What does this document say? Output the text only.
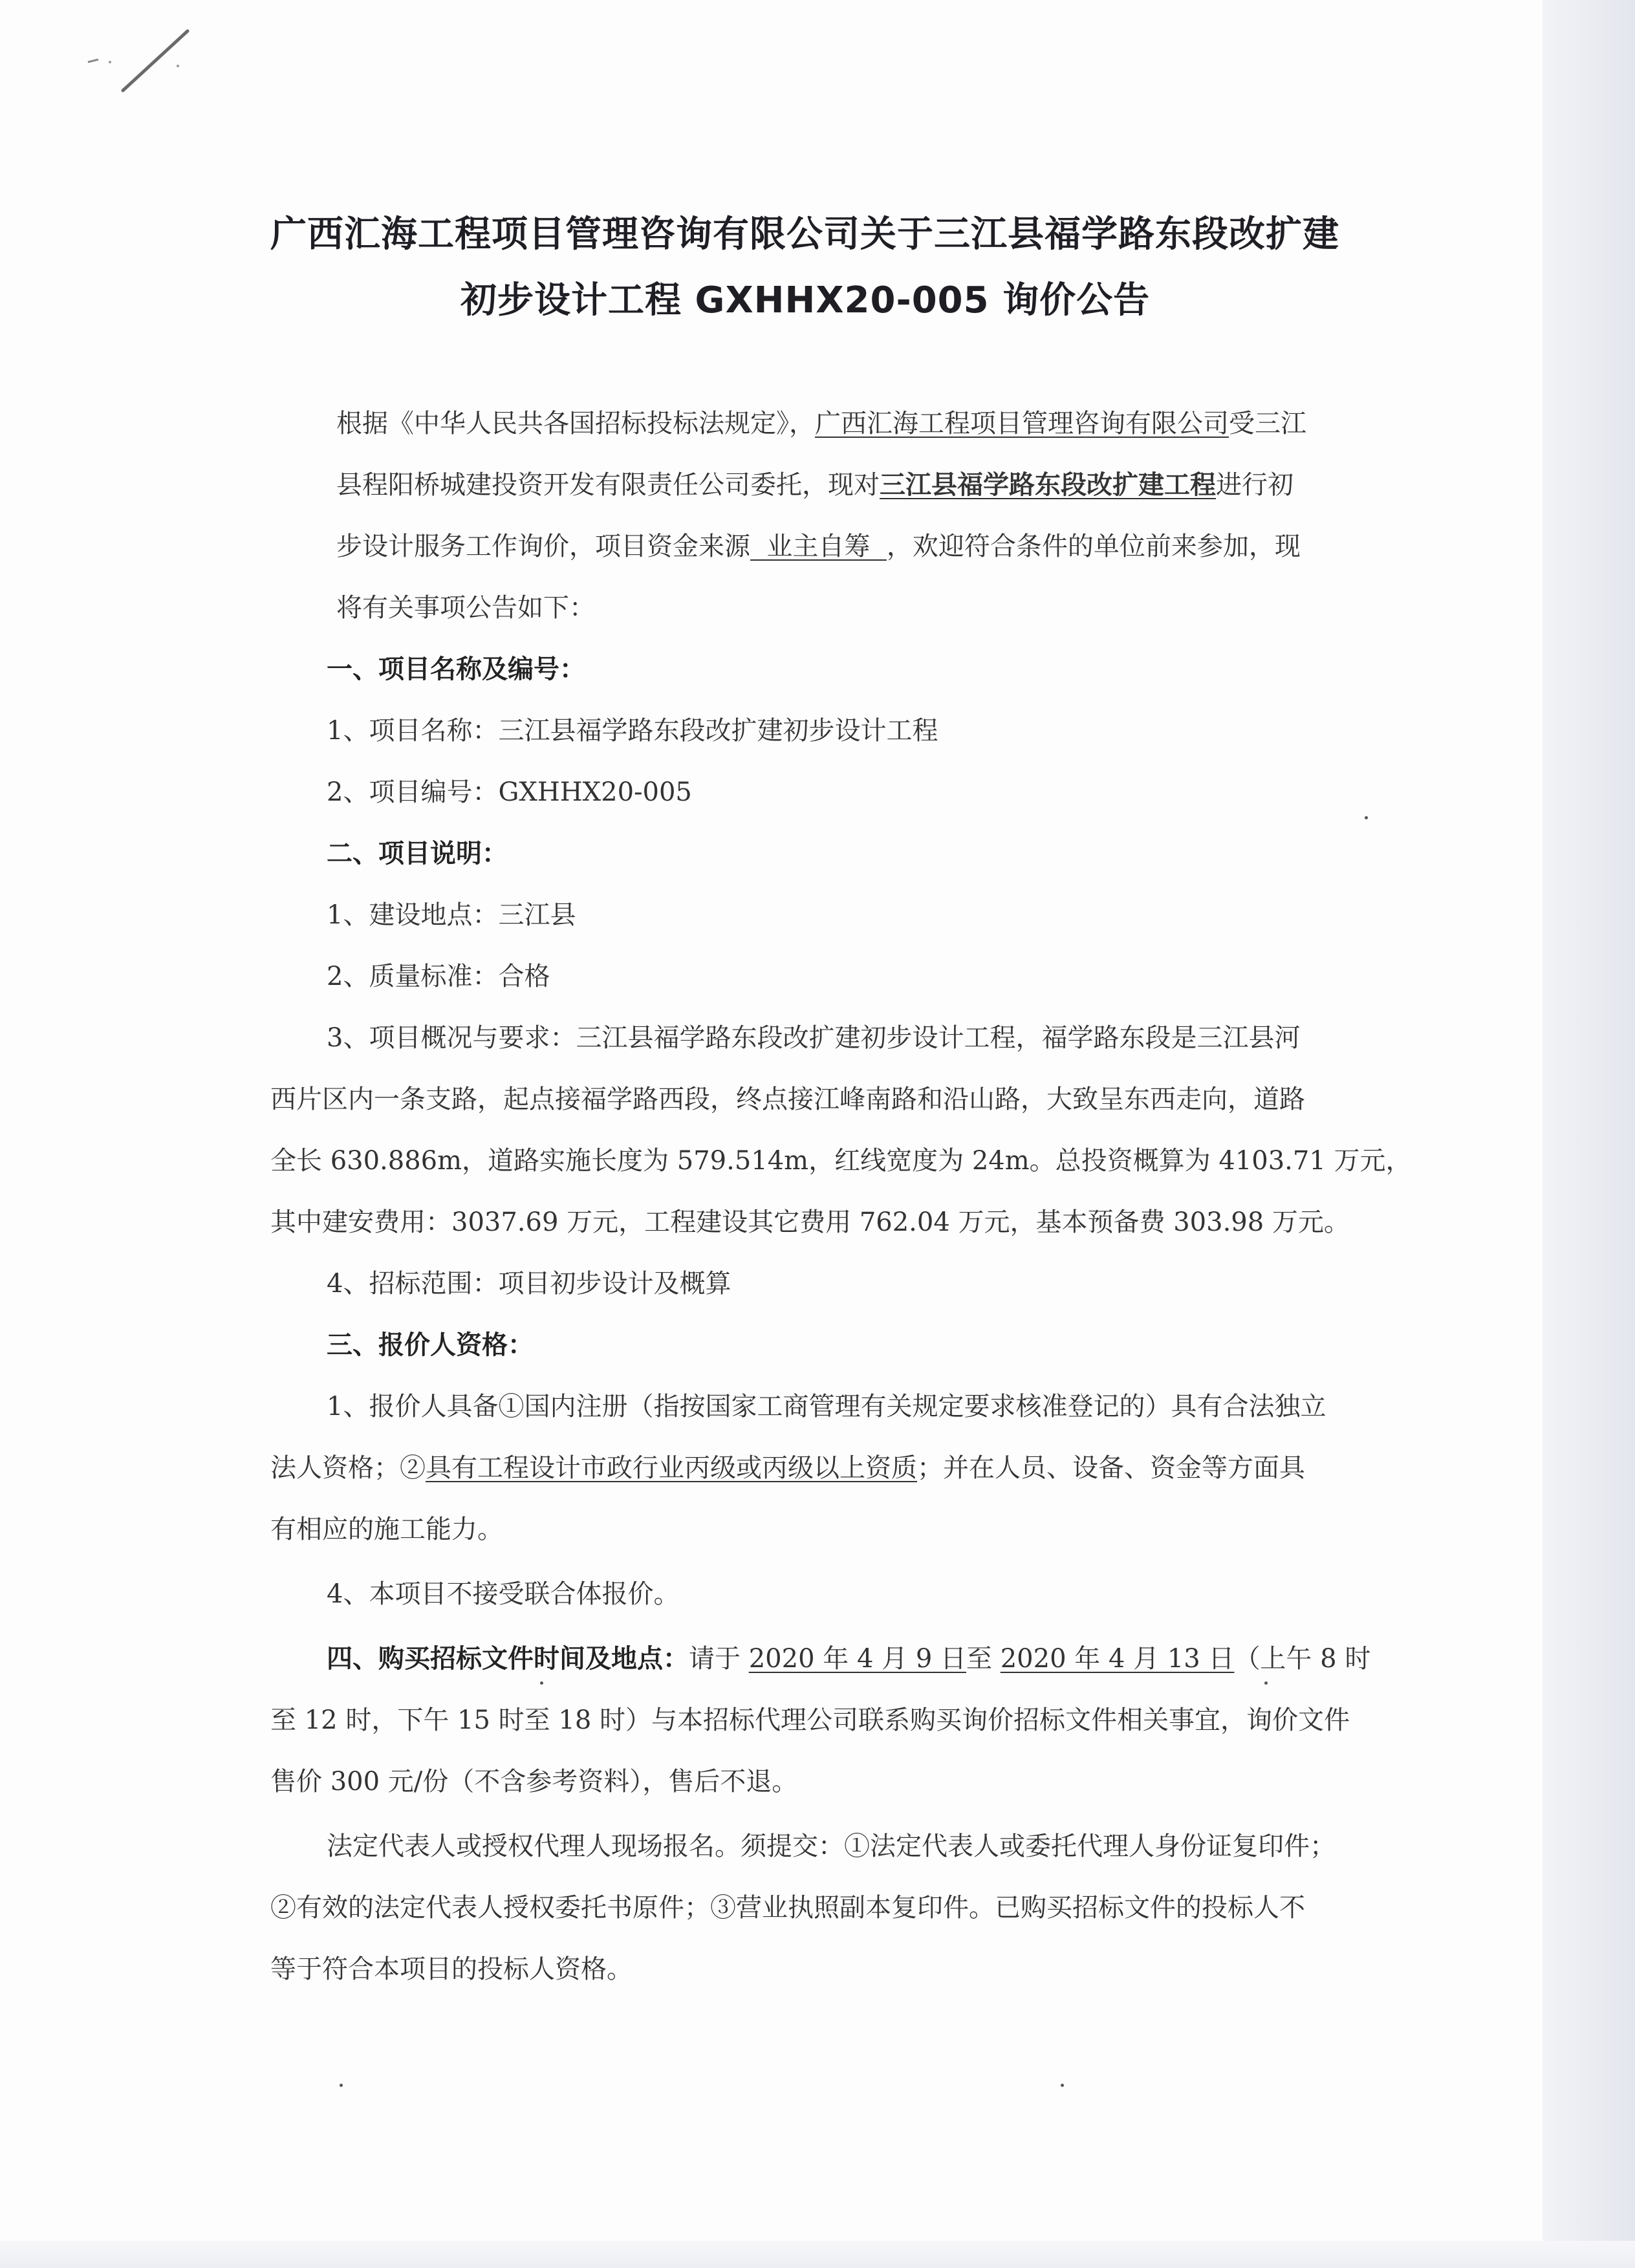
广西汇海工程项目管理咨询有限公司关于三江县福学路东段改扩建
初步设计工程 GXHHX20-005 询价公告
根据《中华人民共各国招标投标法规定》，广西汇海工程项目管理咨询有限公司受三江
县程阳桥城建投资开发有限责任公司委托，现对三江县福学路东段改扩建工程进行初
步设计服务工作询价，项目资金来源  业主自筹  ，欢迎符合条件的单位前来参加，现
将有关事项公告如下：
一、项目名称及编号：
1、项目名称：三江县福学路东段改扩建初步设计工程
2、项目编号：GXHHX20-005
二、项目说明：
1、建设地点：三江县
2、质量标准：合格
3、项目概况与要求：三江县福学路东段改扩建初步设计工程，福学路东段是三江县河
西片区内一条支路，起点接福学路西段，终点接江峰南路和沿山路，大致呈东西走向，道路
全长 630.886m，道路实施长度为 579.514m，红线宽度为 24m。总投资概算为 4103.71 万元，
其中建安费用：3037.69 万元，工程建设其它费用 762.04 万元，基本预备费 303.98 万元。
4、招标范围：项目初步设计及概算
三、报价人资格：
1、报价人具备①国内注册（指按国家工商管理有关规定要求核准登记的）具有合法独立
法人资格；②具有工程设计市政行业丙级或丙级以上资质；并在人员、设备、资金等方面具
有相应的施工能力。
4、本项目不接受联合体报价。
四、购买招标文件时间及地点：请于 2020 年 4 月 9 日至 2020 年 4 月 13 日（上午 8 时
至 12 时，下午 15 时至 18 时）与本招标代理公司联系购买询价招标文件相关事宜，询价文件
售价 300 元/份（不含参考资料），售后不退。
法定代表人或授权代理人现场报名。须提交：①法定代表人或委托代理人身份证复印件；
②有效的法定代表人授权委托书原件；③营业执照副本复印件。已购买招标文件的投标人不
等于符合本项目的投标人资格。
